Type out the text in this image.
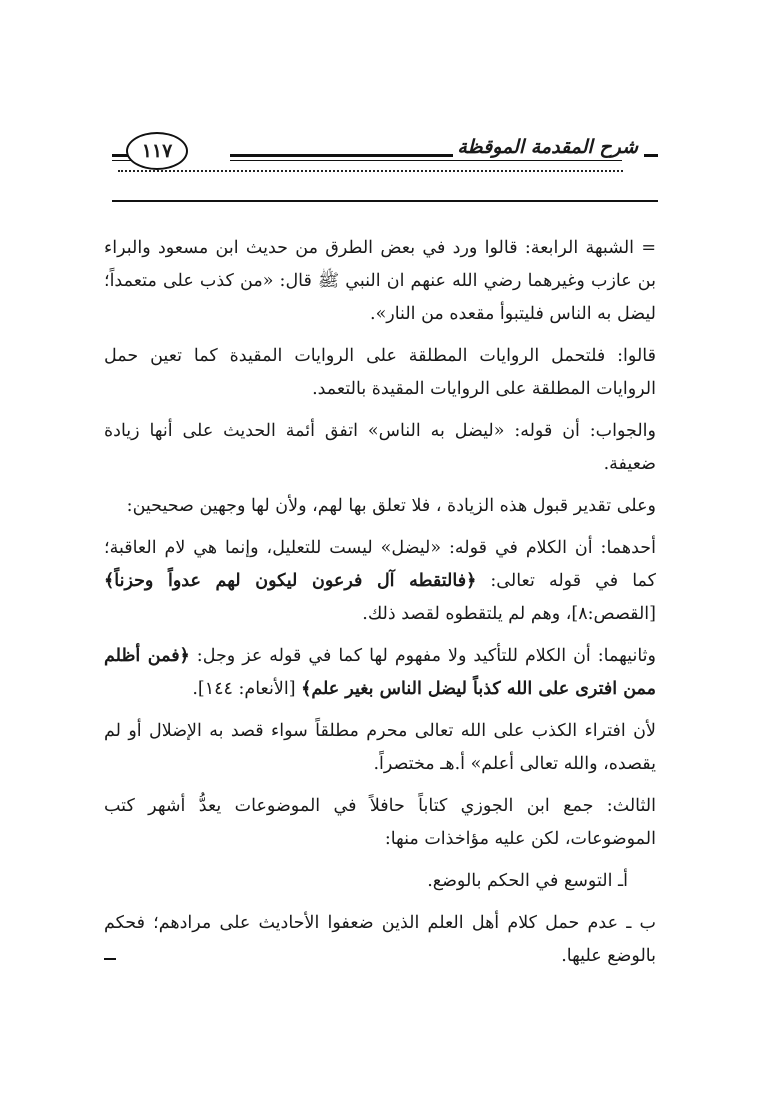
١١٧	شرح المقدمة الموقظة

= الشبهة الرابعة: قالوا ورد في بعض الطرق من حديث ابن مسعود والبراء بن عازب وغيرهما رضي الله عنهم ان النبي ﷺ قال: «من كذب على متعمداً؛ ليضل به الناس فليتبوأ مقعده من النار».

قالوا: فلتحمل الروايات المطلقة على الروايات المقيدة كما تعين حمل الروايات المطلقة على الروايات المقيدة بالتعمد.

والجواب: أن قوله: «ليضل به الناس» اتفق أئمة الحديث على أنها زيادة ضعيفة.

وعلى تقدير قبول هذه الزيادة ، فلا تعلق بها لهم، ولأن لها وجهين صحيحين:

أحدهما: أن الكلام في قوله: «ليضل» ليست للتعليل، وإنما هي لام العاقبة؛ كما في قوله تعالى: ﴿فالتقطه آل فرعون ليكون لهم عدواً وحزناً﴾ [القصص:٨]، وهم لم يلتقطوه لقصد ذلك.

وثانيهما: أن الكلام للتأكيد ولا مفهوم لها كما في قوله عز وجل: ﴿فمن أظلم ممن افترى على الله كذباً ليضل الناس بغير علم﴾ [الأنعام: ١٤٤].

لأن افتراء الكذب على الله تعالى محرم مطلقاً سواء قصد به الإضلال أو لم يقصده، والله تعالى أعلم» أ.هـ مختصراً.

الثالث: جمع ابن الجوزي كتاباً حافلاً في الموضوعات يعدُّ أشهر كتب الموضوعات، لكن عليه مؤاخذات منها:

أـ التوسع في الحكم بالوضع.

ب ـ عدم حمل كلام أهل العلم الذين ضعفوا الأحاديث على مرادهم؛ فحكم بالوضع عليها.
